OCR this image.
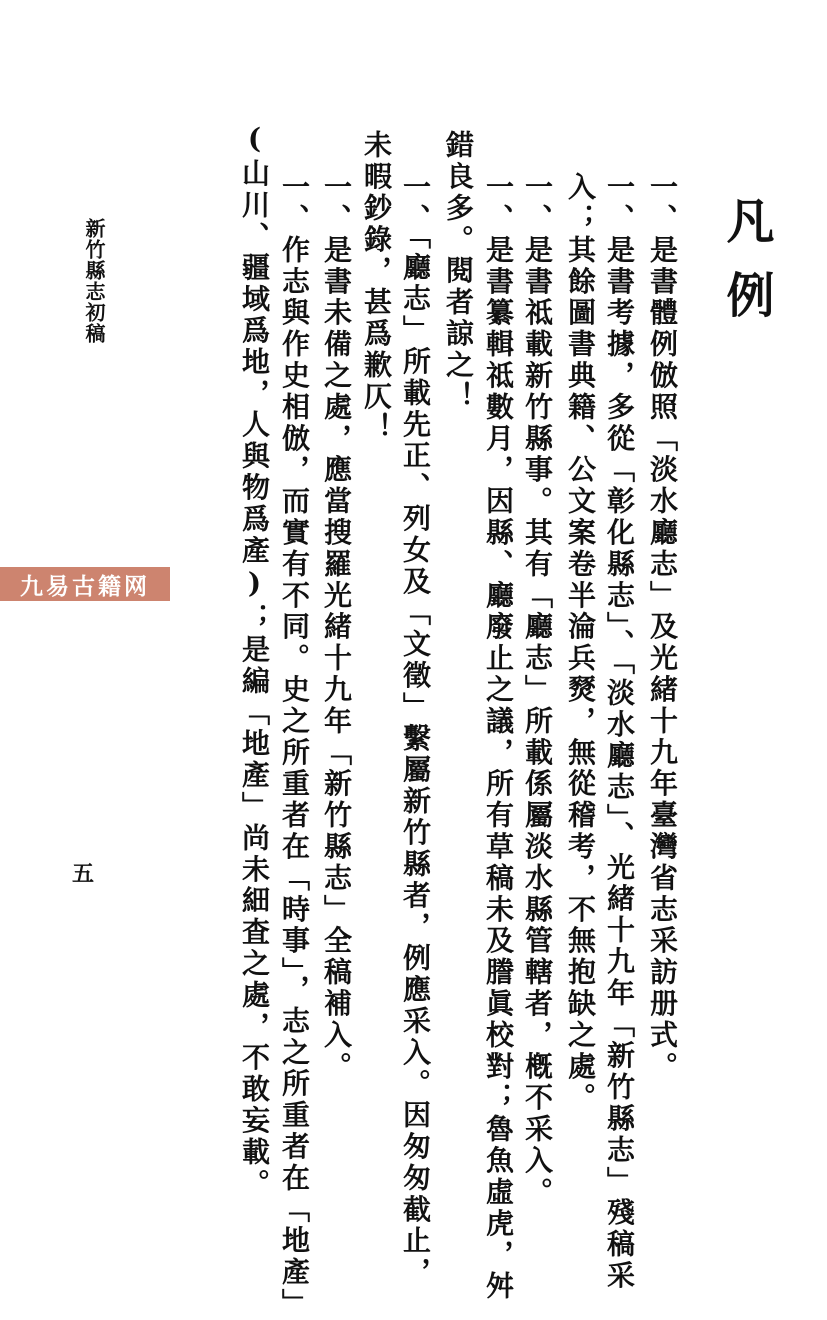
新竹縣志初稿	凡例

一、是書體例倣照「淡水廳志」及光緒十九年臺灣省志采訪册式。

一、是書考據，多從「彰化縣志」、「淡水廳志」、光緒十九年「新竹縣志」殘稿采

入；其餘圖書典籍、公文案卷半淪兵燹，無從稽考，不無抱缺之處。

一、是書祗載新竹縣事。其有「廳志」所載係屬淡水縣管轄者，槪不采入。

一、是書纂輯祗數月，因縣、廳廢止之議，所有草稿未及謄眞校對；魯魚虛虎，舛

錯良多。閱者諒之！

一、「廳志」所載先正、列女及「文徵」繫屬新竹縣者，例應采入。因匆匆截止，

未暇鈔錄，甚爲歉仄！

一、是書未備之處，應當搜羅光緒十九年「新竹縣志」全稿補入。

一、作志與作史相倣，而實有不同。史之所重者在「時事」，志之所重者在「地產」

(山川、疆域爲地，人與物爲產)；是編「地產」尚未細査之處，不敢妄載。

九易古籍网

五
